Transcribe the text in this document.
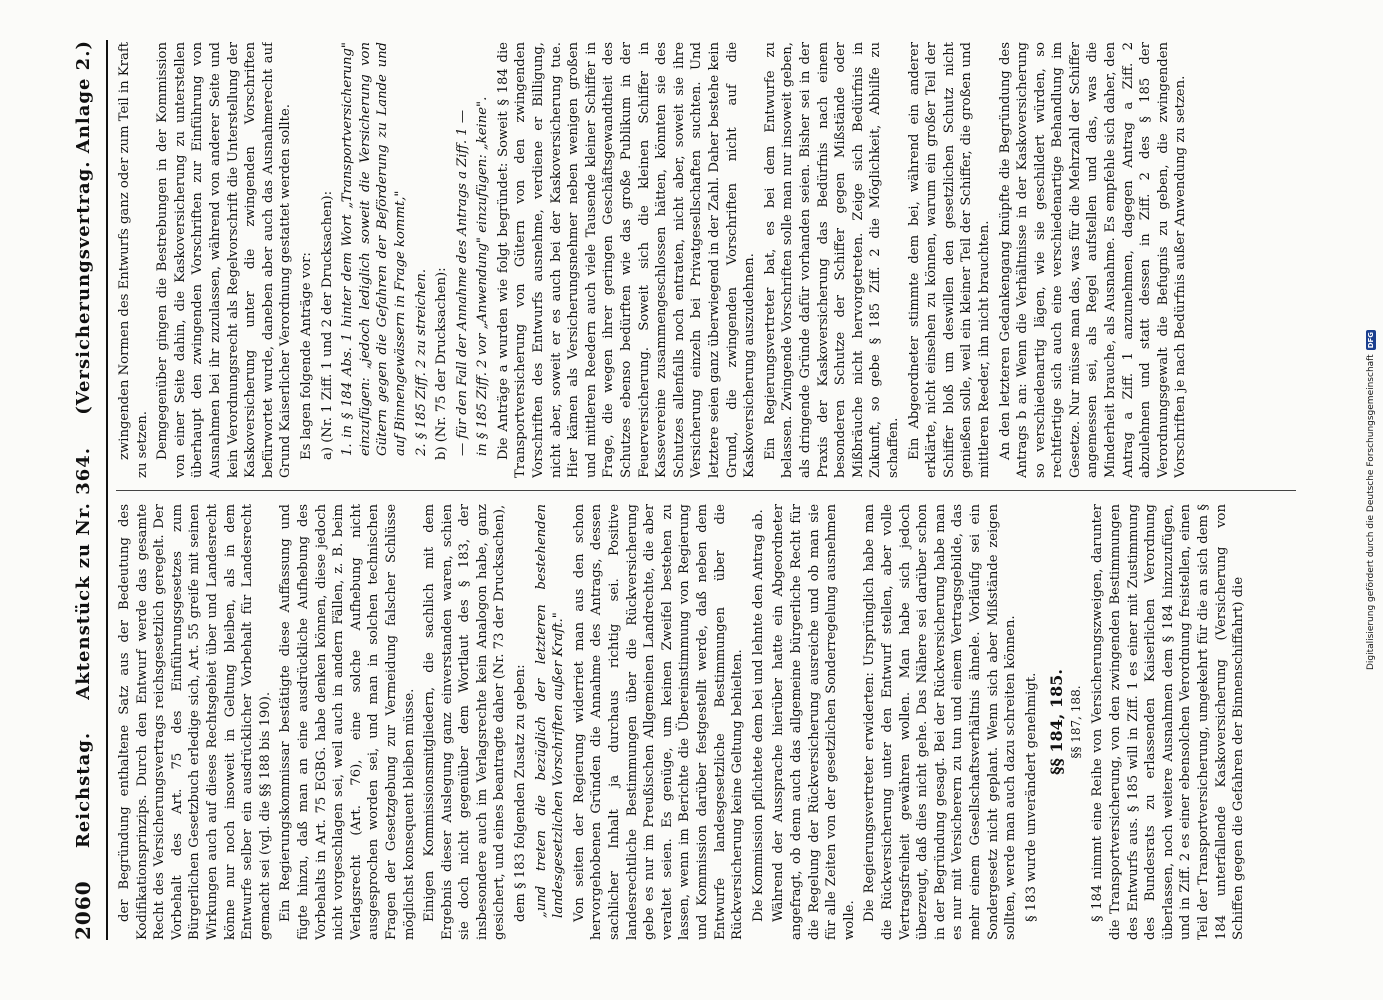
2060
Reichstag.
Aktenstück zu Nr. 364.
(Versicherungsvertrag. Anlage 2.)

der Begründung enthaltene Satz aus der Bedeutung des Kodifikationsprinzips. Durch den Entwurf werde das gesamte Recht des Versicherungsvertrags reichsgesetzlich geregelt. Der Vorbehalt des Art. 75 des Einführungsgesetzes zum Bürgerlichen Gesetzbuch erledige sich, Art. 55 greife mit seinen Wirkungen auch auf dieses Rechtsgebiet über und Landesrecht könne nur noch insoweit in Geltung bleiben, als in dem Entwurfe selber ein ausdrücklicher Vorbehalt für Landesrecht gemacht sei (vgl. die §§ 188 bis 190). Ein Regierungskommissar bestätigte diese Auffassung und fügte hinzu, daß man an eine ausdrückliche Aufhebung des Vorbehalts in Art. 75 EGBG. habe denken können, diese jedoch nicht vorgeschlagen sei, weil auch in andern Fällen, z. B. beim Verlagsrecht (Art. 76), eine solche Aufhebung nicht ausgesprochen worden sei, und man in solchen technischen Fragen der Gesetzgebung zur Vermeidung falscher Schlüsse möglichst konsequent bleiben müsse. Einigen Kommissionsmitgliedern, die sachlich mit dem Ergebnis dieser Auslegung ganz einverstanden waren, schien sie doch nicht gegenüber dem Wortlaut des § 183, der insbesondere auch im Verlagsrechte kein Analogon habe, ganz gesichert, und eines beantragte daher (Nr. 73 der Drucksachen), dem § 183 folgenden Zusatz zu geben: „und treten die bezüglich der letzteren bestehenden landesgesetzlichen Vorschriften außer Kraft." Von seiten der Regierung widerriet man aus den schon hervorgehobenen Gründen die Annahme des Antrags, dessen sachlicher Inhalt ja durchaus richtig sei. Positive landesrechtliche Bestimmungen über die Rückversicherung gebe es nur im Preußischen Allgemeinen Landrechte, die aber veraltet seien. Es genüge, um keinen Zweifel bestehen zu lassen, wenn im Berichte die Übereinstimmung von Regierung und Kommission darüber festgestellt werde, daß neben dem Entwurfe landesgesetzliche Bestimmungen über die Rückversicherung keine Geltung behielten. Die Kommission pflichtete dem bei und lehnte den Antrag ab. Während der Aussprache hierüber hatte ein Abgeordneter angefragt, ob denn auch das allgemeine bürgerliche Recht für die Regelung der Rückversicherung ausreiche und ob man sie für alle Zeiten von der gesetzlichen Sonderregelung ausnehmen wolle. Die Regierungsvertreter erwiderten: Ursprünglich habe man die Rückversicherung unter den Entwurf stellen, aber volle Vertragsfreiheit gewähren wollen. Man habe sich jedoch überzeugt, daß dies nicht gehe. Das Nähere sei darüber schon in der Begründung gesagt. Bei der Rückversicherung habe man es nur mit Versicherern zu tun und einem Vertragsgebilde, das mehr einem Gesellschaftsverhältnis ähnele. Vorläufig sei ein Sondergesetz nicht geplant. Wenn sich aber Mißstände zeigen sollten, werde man auch dazu schreiten können. § 183 wurde unverändert genehmigt. §§ 184, 185. §§ 187, 188. § 184 nimmt eine Reihe von Versicherungszweigen, darunter die Transportversicherung, von den zwingenden Bestimmungen des Entwurfs aus. § 185 will in Ziff. 1 es einer mit Zustimmung des Bundesrats zu erlassenden Kaiserlichen Verordnung überlassen, noch weitere Ausnahmen dem § 184 hinzuzufügen, und in Ziff. 2 es einer ebensolchen Verordnung freistellen, einen Teil der Transportversicherung, umgekehrt für die an sich dem § 184 unterfallende Kaskoversicherung (Versicherung von Schiffen gegen die Gefahren der Binnenschiffahrt) die

zwingenden Normen des Entwurfs ganz oder zum Teil in Kraft zu setzen. Demgegenüber gingen die Bestrebungen in der Kommission von einer Seite dahin, die Kaskoversicherung zu unterstellen überhaupt den zwingenden Vorschriften zur Einführung von Ausnahmen bei ihr zuzulassen, während von anderer Seite und kein Verordnungsrecht als Regelvorschrift die Unterstellung der Kaskoversicherung unter die zwingenden Vorschriften befürwortet wurde, daneben aber auch das Ausnahmerecht auf Grund Kaiserlicher Verordnung gestattet werden sollte. Es lagen folgende Anträge vor: a) (Nr. 1 Ziff. 1 und 2 der Drucksachen): 1. in § 184 Abs. 1 hinter dem Wort „Transportversicherung" einzufügen: „jedoch lediglich soweit die Versicherung von Gütern gegen die Gefahren der Beförderung zu Lande und auf Binnengewässern in Frage kommt," 2. § 185 Ziff. 2 zu streichen. b) (Nr. 75 der Drucksachen): — für den Fall der Annahme des Antrags a Ziff. 1 — in § 185 Ziff. 2 vor „Anwendung" einzufügen: „keine". Die Anträge a wurden wie folgt begründet: Soweit § 184 die Transportversicherung von Gütern von den zwingenden Vorschriften des Entwurfs ausnehme, verdiene er Billigung, nicht aber, soweit er es auch bei der Kaskoversicherung tue. Hier kämen als Versicherungsnehmer neben wenigen großen und mittleren Reedern auch viele Tausende kleiner Schiffer in Frage, die wegen ihrer geringen Geschäftsgewandtheit des Schutzes ebenso bedürften wie das große Publikum in der Feuerversicherung. Soweit sich die kleinen Schiffer in Kassevereine zusammengeschlossen hätten, könnten sie des Schutzes allenfalls noch entraten, nicht aber, soweit sie ihre Versicherung einzeln bei Privatgesellschaften suchten. Und letztere seien ganz überwiegend in der Zahl. Daher bestehe kein Grund, die zwingenden Vorschriften nicht auf die Kaskoversicherung auszudehnen. Ein Regierungsvertreter bat, es bei dem Entwurfe zu belassen. Zwingende Vorschriften solle man nur insoweit geben, als dringende Gründe dafür vorhanden seien. Bisher sei in der Praxis der Kaskoversicherung das Bedürfnis nach einem besonderen Schutze der Schiffer gegen Mißstände oder Mißbräuche nicht hervorgetreten. Zeige sich Bedürfnis in Zukunft, so gebe § 185 Ziff. 2 die Möglichkeit, Abhilfe zu schaffen. Ein Abgeordneter stimmte dem bei, während ein anderer erklärte, nicht einsehen zu können, warum ein großer Teil der Schiffer bloß um deswillen den gesetzlichen Schutz nicht genießen solle, weil ein kleiner Teil der Schiffer, die großen und mittleren Reeder, ihn nicht brauchten. An den letzteren Gedankengang knüpfte die Begründung des Antrags b an: Wenn die Verhältnisse in der Kaskoversicherung so verschiedenartig lägen, wie sie geschildert würden, so rechtfertige sich auch eine verschiedenartige Behandlung im Gesetze. Nur müsse man das, was für die Mehrzahl der Schiffer angemessen sei, als Regel aufstellen und das, was die Minderheit brauche, als Ausnahme. Es empfehle sich daher, den Antrag a Ziff. 1 anzunehmen, dagegen Antrag a Ziff. 2 abzulehnen und statt dessen in Ziff. 2 des § 185 der Verordnungsgewalt die Befugnis zu geben, die zwingenden Vorschriften je nach Bedürfnis außer Anwendung zu setzen.

Digitalisierung gefördert durch die Deutsche Forschungsgemeinschaft
DFG
